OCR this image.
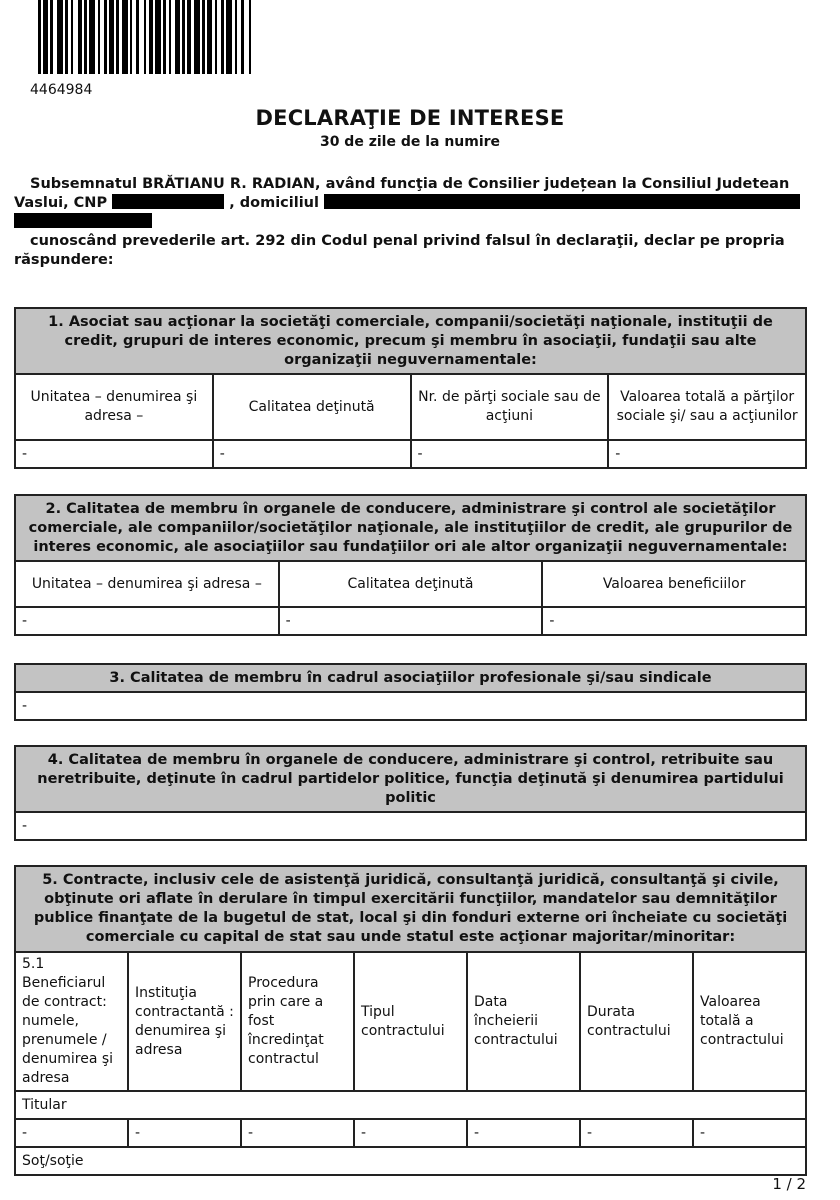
4464984
DECLARAŢIE DE INTERESE
30 de zile de la numire

Subsemnatul BRĂTIANU R. RADIAN, având funcţia de Consilier județean la Consiliul Judetean

Vaslui, CNP	, domiciliul

cunoscând prevederile art. 292 din Codul penal privind falsul în declaraţii, declar pe propria

răspundere:

1. Asociat sau acţionar la societăţi comerciale, companii/societăţi naţionale, instituţii de credit, grupuri de interes economic, precum şi membru în asociaţii, fundaţii sau alte organizaţii neguvernamentale:			
Unitatea – denumirea şi adresa –	Calitatea deţinută	Nr. de părţi sociale sau de acţiuni	Valoarea totală a părţilor sociale şi/ sau a acţiunilor
-	-	-	-
2. Calitatea de membru în organele de conducere, administrare şi control ale societăţilor comerciale, ale companiilor/societăţilor naţionale, ale instituţiilor de credit, ale grupurilor de interes economic, ale asociaţiilor sau fundaţiilor ori ale altor organizaţii neguvernamentale:		
Unitatea – denumirea şi adresa –	Calitatea deţinută	Valoarea beneficiilor
-	-	-
3. Calitatea de membru în cadrul asociaţiilor profesionale şi/sau sindicale
-
4. Calitatea de membru în organele de conducere, administrare şi control, retribuite sau neretribuite, deţinute în cadrul partidelor politice, funcţia deţinută şi denumirea partidului politic
-
5. Contracte, inclusiv cele de asistenţă juridică, consultanţă juridică, consultanţă şi civile, obţinute ori aflate în derulare în timpul exercitării funcţiilor, mandatelor sau demnităţilor publice finanţate de la bugetul de stat, local şi din fonduri externe ori încheiate cu societăţi comerciale cu capital de stat sau unde statul este acţionar majoritar/minoritar:						
5.1 Beneficiarul de contract: numele, prenumele / denumirea şi adresa	Instituţia contractantă : denumirea şi adresa	Procedura prin care a fost încredinţat contractul	Tipul contractului	Data încheierii contractului	Durata contractului	Valoarea totală a contractului
Titular						
-	-	-	-	-	-	-
Soţ/soţie						
1 / 2
